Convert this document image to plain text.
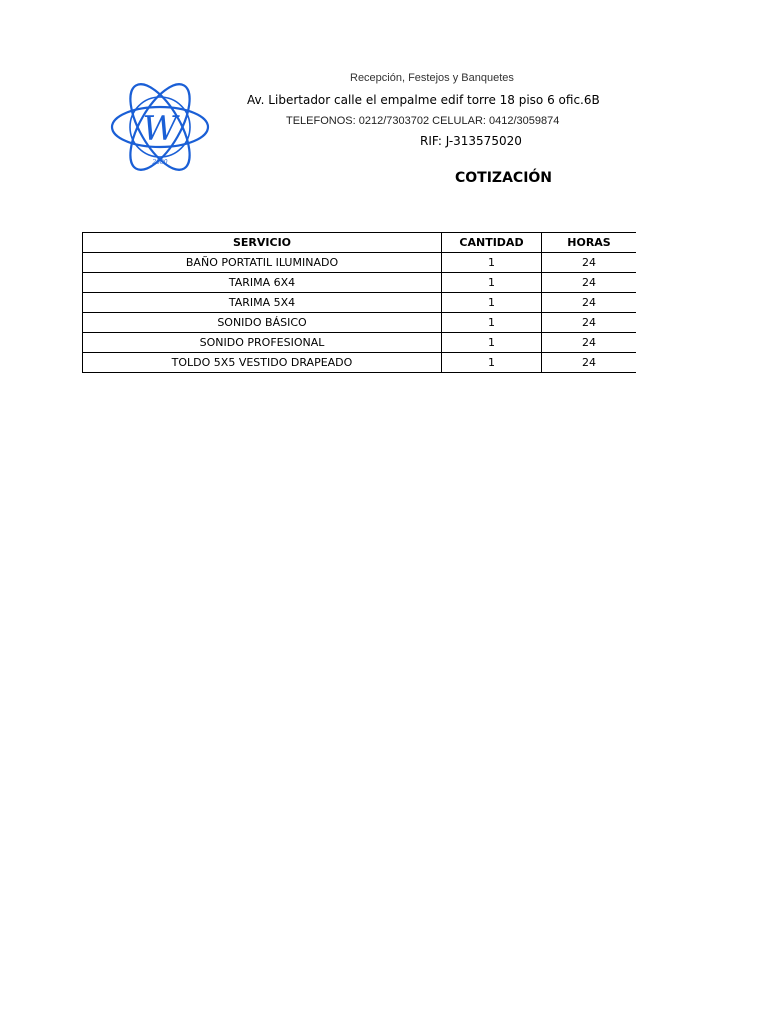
W
2000
Recepción, Festejos y Banquetes
Av. Libertador calle el empalme edif torre 18 piso 6 ofic.6B
TELEFONOS: 0212/7303702 CELULAR: 0412/3059874
RIF: J-313575020
COTIZACIÓN
SERVICIO	CANTIDAD	HORAS
BAÑO PORTATIL ILUMINADO	1	24
TARIMA 6X4	1	24
TARIMA 5X4	1	24
SONIDO BÁSICO	1	24
SONIDO PROFESIONAL	1	24
TOLDO 5X5 VESTIDO DRAPEADO	1	24
